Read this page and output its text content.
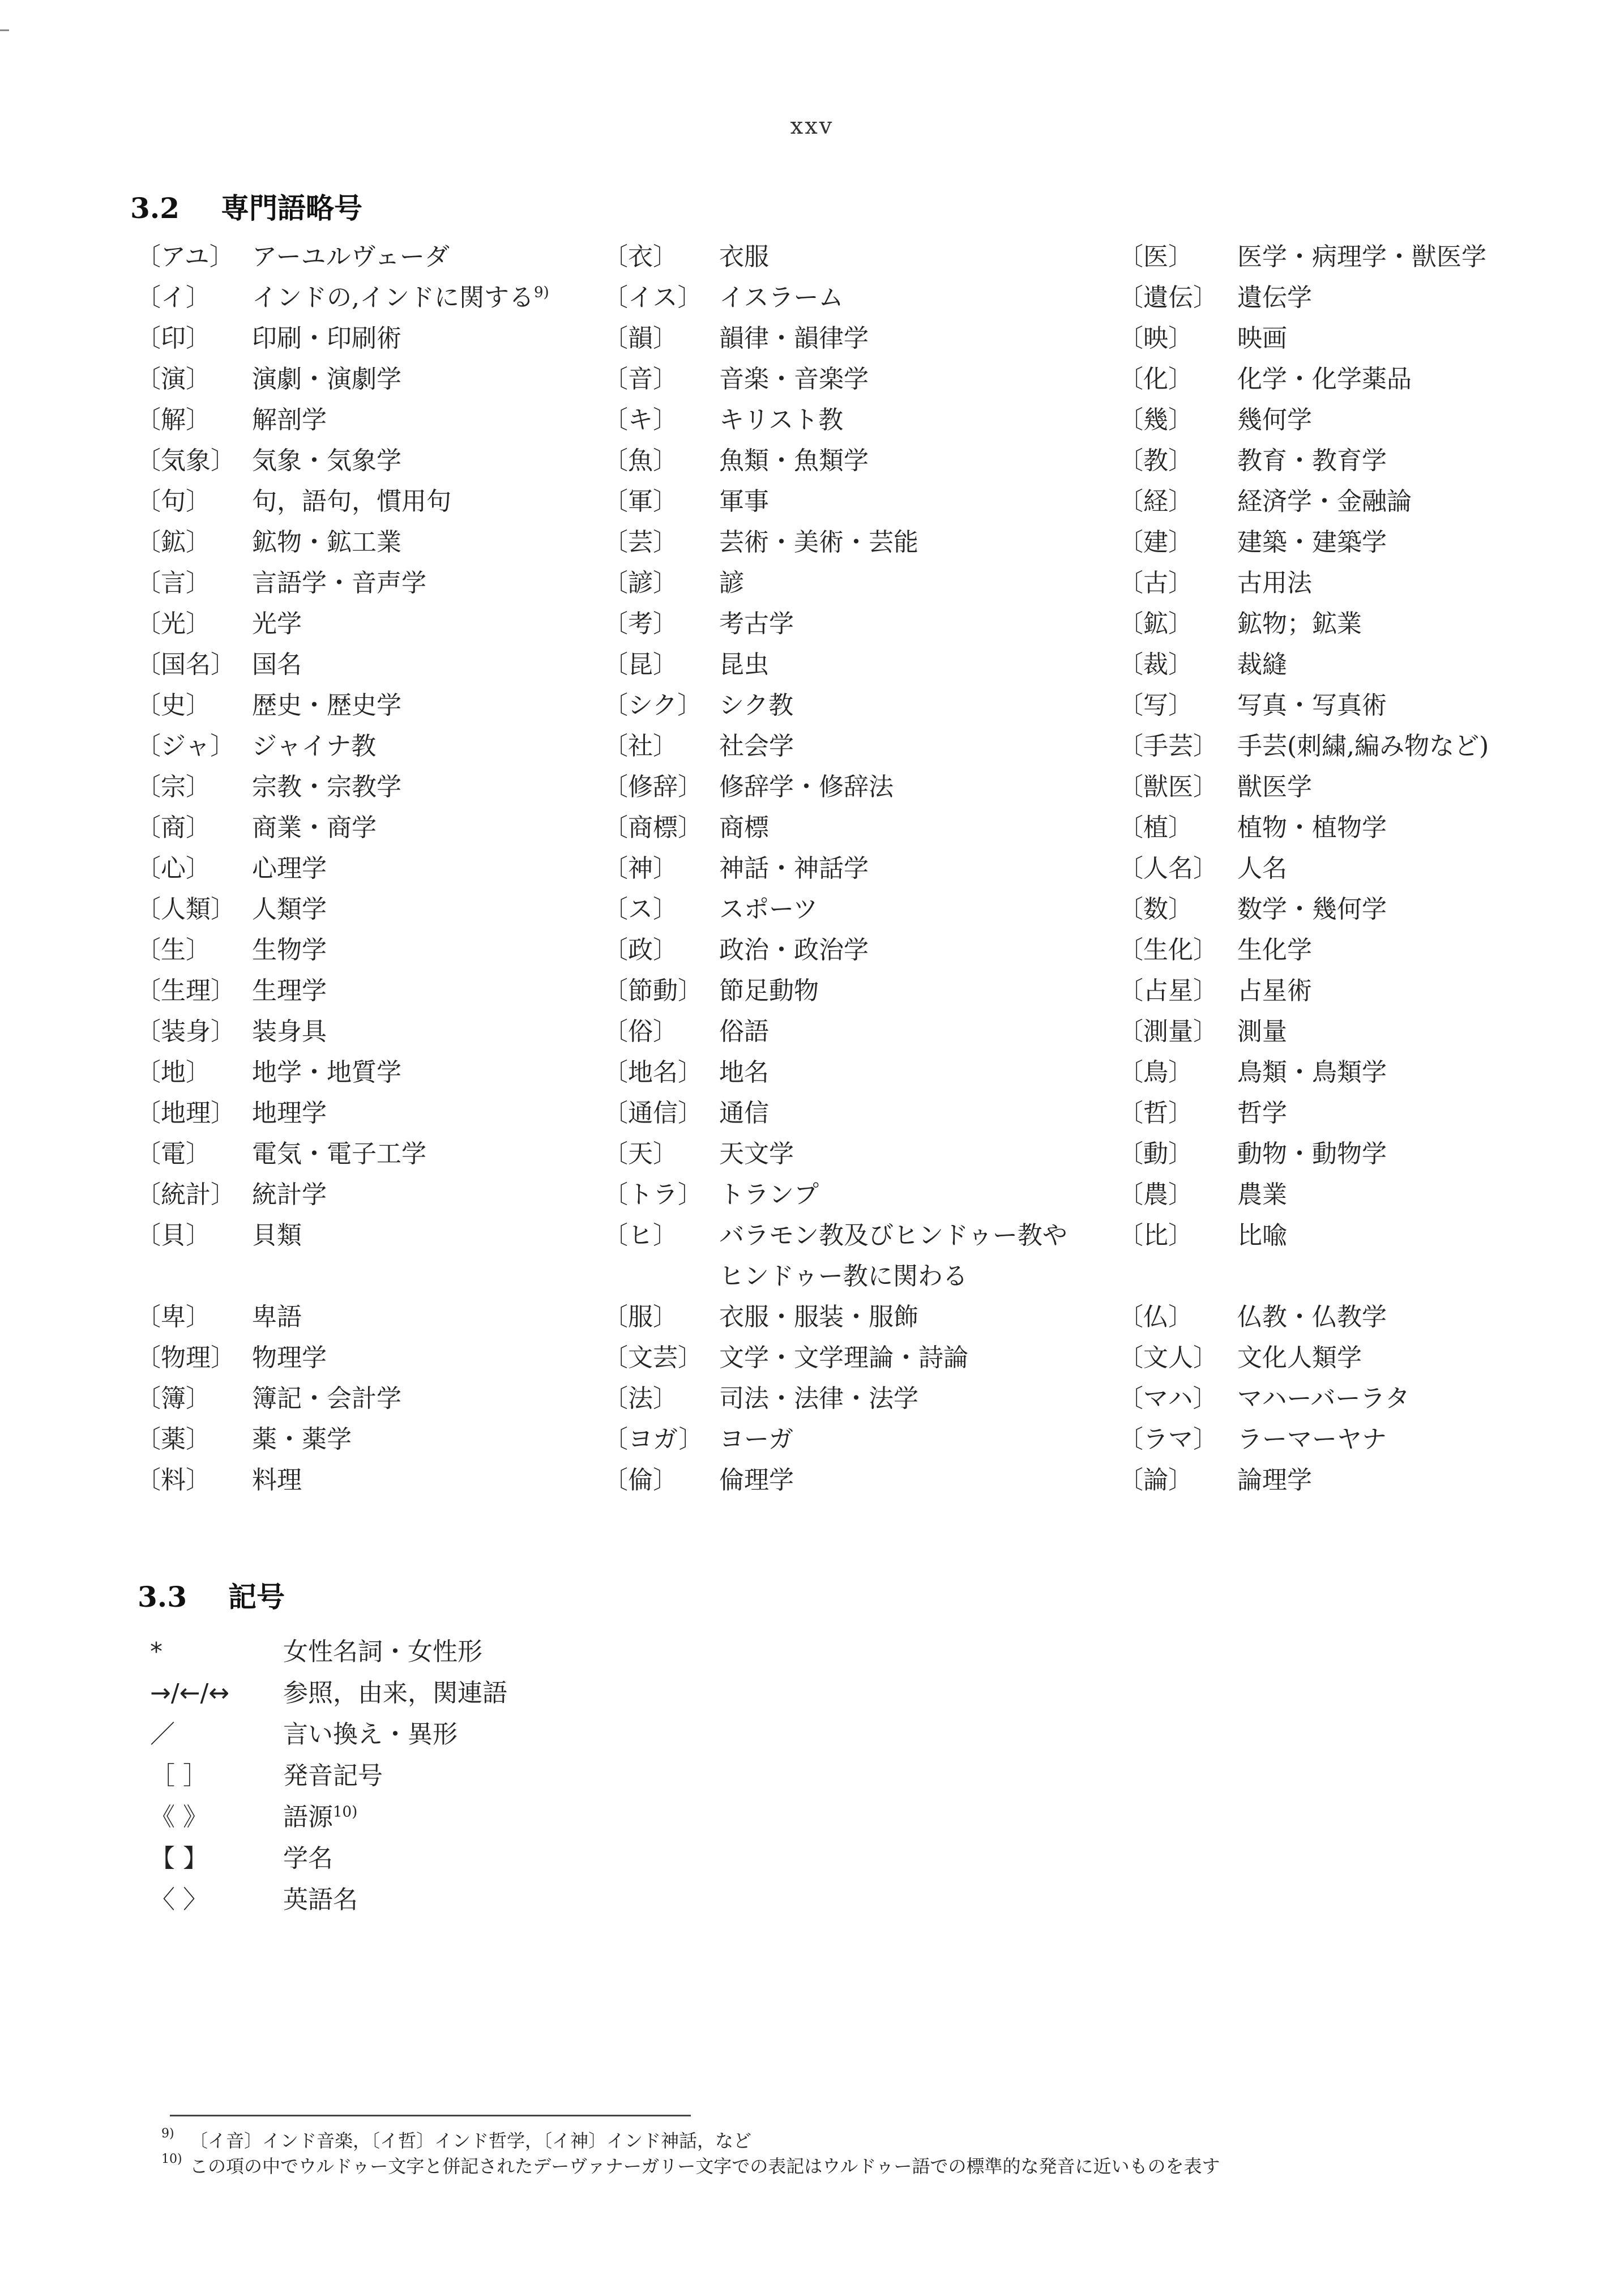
xxv
3.2 専門語略号
〔アユ〕 アーユルヴェーダ
〔イ〕	インドの,インドに関する$^{9)}$
〔印〕	印刷・印刷術
〔演〕	演劇・演劇学
〔解〕	解剖学
〔気象〕 気象・気象学
〔句〕	句，語句，慣用句
〔鉱〕	鉱物・鉱工業
〔言〕	言語学・音声学
〔光〕	光学
〔国名〕 国名
〔史〕	歴史・歴史学
〔ジャ〕 ジャイナ教
〔宗〕	宗教・宗教学
〔商〕	商業・商学
〔心〕	心理学
〔人類〕 人類学
〔生〕	生物学
〔生理〕 生理学
〔装身〕 装身具
〔地〕	地学・地質学
〔地理〕 地理学
〔電〕	電気・電子工学
〔統計〕 統計学
〔貝〕	貝類
〔卑〕	卑語
〔物理〕 物理学
〔簿〕	簿記・会計学
〔薬〕	薬・薬学
〔料〕	料理
〔衣〕	衣服
〔イス〕 イスラーム
〔韻〕	韻律・韻律学
〔音〕	音楽・音楽学
〔キ〕	キリスト教
〔魚〕	魚類・魚類学
〔軍〕	軍事
〔芸〕	芸術・美術・芸能
〔諺〕	諺
〔考〕	考古学
〔昆〕	昆虫
〔シク〕 シク教
〔社〕	社会学
〔修辞〕 修辞学・修辞法
〔商標〕 商標
〔神〕	神話・神話学
〔ス〕	スポーツ
〔政〕	政治・政治学
〔節動〕 節足動物
〔俗〕	俗語
〔地名〕 地名
〔通信〕 通信
〔天〕	天文学
〔トラ〕 トランプ
〔ヒ〕	バラモン教及びヒンドゥー教やヒンドゥー教に関わる
〔服〕	衣服・服装・服飾
〔文芸〕 文学・文学理論・詩論
〔法〕	司法・法律・法学
〔ヨガ〕 ヨーガ
〔倫〕	倫理学
〔医〕	医学・病理学・獣医学
〔遺伝〕 遺伝学
〔映〕	映画
〔化〕	化学・化学薬品
〔幾〕	幾何学
〔教〕	教育・教育学
〔経〕	経済学・金融論
〔建〕	建築・建築学
〔古〕	古用法
〔鉱〕	鉱物；鉱業
〔裁〕	裁縫
〔写〕	写真・写真術
〔手芸〕 手芸(刺繍,編み物など)
〔獣医〕 獣医学
〔植〕	植物・植物学
〔人名〕 人名
〔数〕	数学・幾何学
〔生化〕 生化学
〔占星〕 占星術
〔測量〕 測量
〔鳥〕	鳥類・鳥類学
〔哲〕	哲学
〔動〕	動物・動物学
〔農〕	農業
〔比〕	比喩
〔仏〕	仏教・仏教学
〔文人〕 文化人類学
〔マハ〕 マハーバーラタ
〔ラマ〕 ラーマーヤナ
〔論〕	論理学
3.3 記号
*	女性名詞・女性形
→/←/↔	参照，由来，関連語
／	言い換え・異形
［ ］	発音記号
《 》	語源$^{10)}$
【 】	学名
〈 〉	英語名
9) 〔イ音〕インド音楽，〔イ哲〕インド哲学，〔イ神〕インド神話，など
10) この項の中でウルドゥー文字と併記されたデーヴァナーガリー文字での表記はウルドゥー語での標準的な発音に近いものを表す
